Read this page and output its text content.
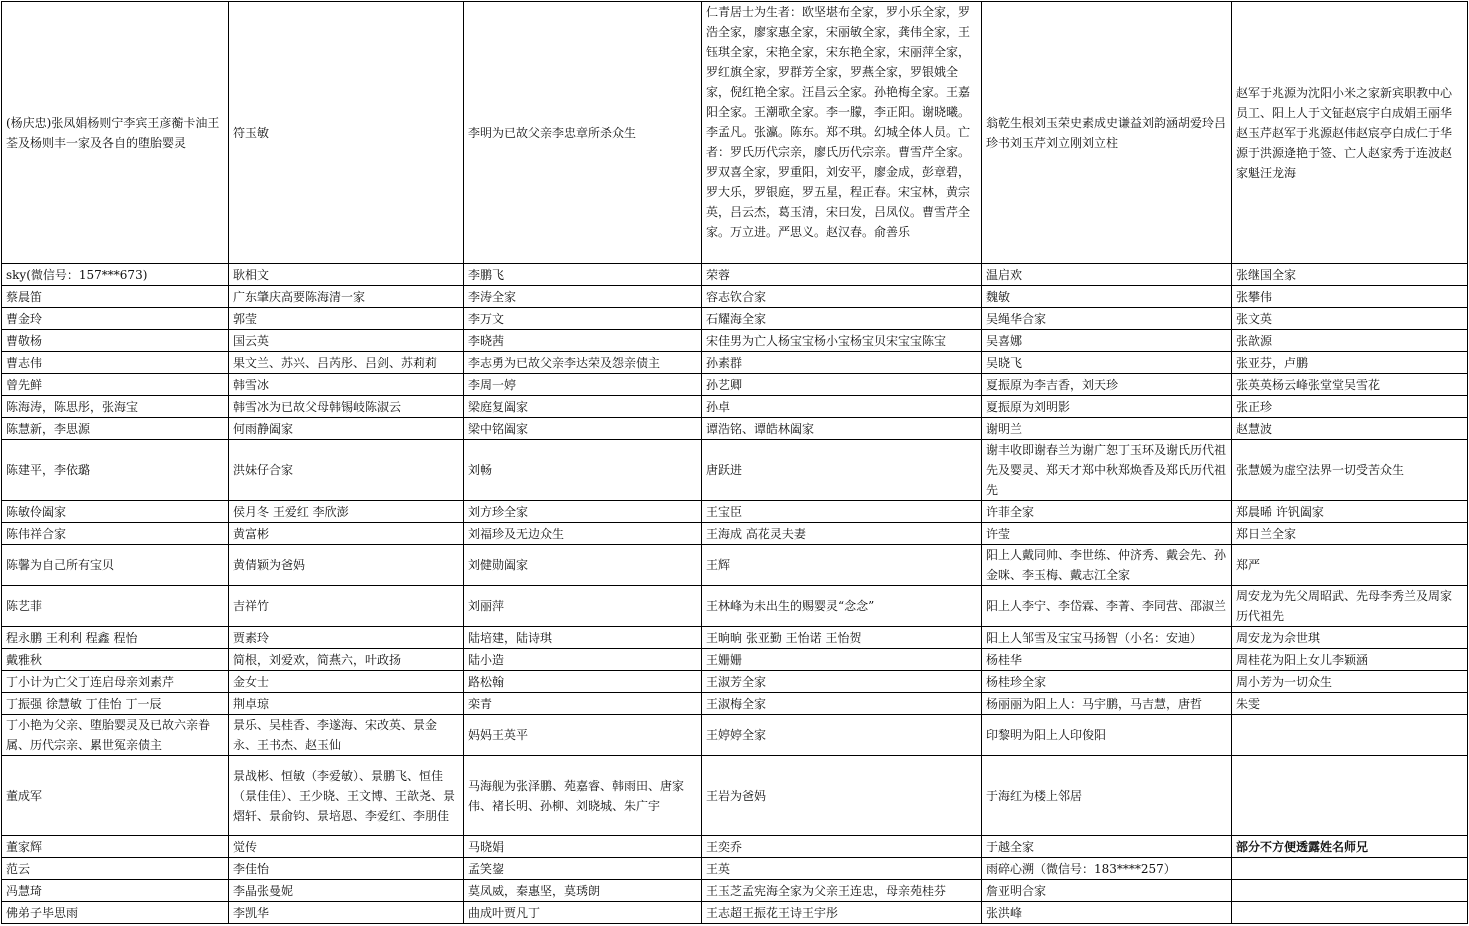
(杨庆忠)张凤娟杨则宁李宾王彦蘅卡油王荃及杨则丰一家及各自的堕胎婴灵	符玉敏	李明为已故父亲李忠章所杀众生	仁青居士为生者：欧坚堪布全家，罗小乐全家，罗浩全家，廖家惠全家，宋丽敏全家，龚伟全家，王钰琪全家，宋艳全家，宋东艳全家，宋丽萍全家，罗红旗全家，罗群芳全家，罗燕全家，罗银娥全家，倪红艳全家。汪昌云全家。孙艳梅全家。王嘉阳全家。王潮歌全家。李一朦，李正阳。谢晓曦。李孟凡。张瀛。陈东。郑不琪。幻城全体人员。亡者：罗氏历代宗亲，廖氏历代宗亲。曹雪芹全家。罗双喜全家，罗重阳，刘安平，廖金成，彭章碧，罗大乐，罗银庭，罗五星，程正春。宋宝林，黄宗英，吕云杰，葛玉清，宋曰发，吕凤仪。曹雪芹全家。万立进。严思义。赵汉春。俞善乐	翁乾生根刘玉荣史素成史谦益刘韵涵胡爱玲吕珍书刘玉芹刘立刚刘立柱	赵军于兆源为沈阳小米之家新宾职教中心员工、阳上人于文钲赵宸宇白成娟王丽华赵玉芹赵军于兆源赵伟赵宸亭白成仁于华源于洪源逄艳于签、亡人赵家秀于连波赵家魁汪龙海
sky(微信号：157***673)	耿相文	李鹏飞	荣蓉	温启欢	张继国全家
蔡晨笛	广东肇庆高要陈海清一家	李涛全家	容志钦合家	魏敏	张攀伟
曹金玲	郭莹	李万文	石耀海全家	吴绳华合家	张文英
曹敬杨	国云英	李晓茜	宋佳男为亡人杨宝宝杨小宝杨宝贝宋宝宝陈宝	吴喜娜	张歆源
曹志伟	果文兰、苏兴、吕芮彤、吕剑、苏莉莉	李志勇为已故父亲李达荣及怨亲债主	孙素群	吴晓飞	张亚芬，卢鹏
曾先鲜	韩雪冰	李周一婷	孙艺卿	夏振原为李吉香，刘天珍	张英英杨云峰张堂堂吴雪花
陈海涛，陈思彤，张海宝	韩雪冰为已故父母韩锡岐陈淑云	梁庭复阖家	孙卓	夏振原为刘明影	张正珍
陈慧新，李思源	何雨静阖家	梁中铭阖家	谭浩铭、谭皓林阖家	谢明兰	赵慧波
陈建平，李依璐	洪妹仔合家	刘畅	唐跃进	谢丰收即谢春兰为谢广恕丁玉环及谢氏历代祖先及婴灵、郑天才郑中秋郑焕香及郑氏历代祖先	张慧媛为虚空法界一切受苦众生
陈敏伶阖家	侯月冬 王爱红 李欣澎	刘方珍全家	王宝臣	许菲全家	郑晨晞 许钒阖家
陈伟祥合家	黄富彬	刘福珍及无边众生	王海成 高花灵夫妻	许莹	郑日兰全家
陈馨为自己所有宝贝	黄倩颖为爸妈	刘健勋阖家	王辉	阳上人戴同帅、李世练、仲济秀、戴会先、孙金咪、李玉梅、戴志江全家	郑严
陈艺菲	吉祥竹	刘丽萍	王林峰为未出生的赐婴灵“念念”	阳上人李宁、李岱霖、李菁、李同营、邵淑兰	周安龙为先父周昭武、先母李秀兰及周家历代祖先
程永鹏 王利利 程鑫 程怡	贾素玲	陆培建，陆诗琪	王晌晌 张亚勤 王怡诺 王怡贺	阳上人邹雪及宝宝马扬智（小名：安迪）	周安龙为佘世琪
戴雅秋	简根，刘爱欢，简燕六，叶政扬	陆小造	王姗姗	杨桂华	周桂花为阳上女儿李颖涵
丁小计为亡父丁连启母亲刘素芹	金女士	路松翰	王淑芳全家	杨桂珍全家	周小芳为一切众生
丁振强 徐慧敏 丁佳怡 丁一辰	荆卓琼	栾青	王淑梅全家	杨丽丽为阳上人：马宇鹏，马吉慧，唐哲	朱雯
丁小艳为父亲、堕胎婴灵及已故六亲眷属、历代宗亲、累世冤亲债主	景乐、吴桂香、李遂海、宋改英、景金永、王书杰、赵玉仙	妈妈王英平	王婷婷全家	印黎明为阳上人印俊阳	
董成军	景战彬、恒敏（李爱敏）、景鹏飞、恒佳（景佳佳）、王少晓、王文博、王歆尧、景熠轩、景俞钧、景培恩、李爱红、李朋佳	马海舰为张泽鹏、苑嘉睿、韩雨田、唐家伟、褚长明、孙柳、刘晓城、朱广宇	王岩为爸妈	于海红为楼上邻居	
董家辉	觉传	马晓娟	王奕乔	于越全家	部分不方便透露姓名师兄
范云	李佳怡	孟笑鋆	王英	雨碎心溯（微信号：183****257）	
冯慧琦	李晶张曼妮	莫凤威，秦惠坚，莫琇朗	王玉芝孟宪海全家为父亲王连忠，母亲苑桂芬	詹亚明合家	
佛弟子毕思雨	李凯华	曲成叶贾凡丁	王志超王振花王诗王宇彤	张洪峰	
